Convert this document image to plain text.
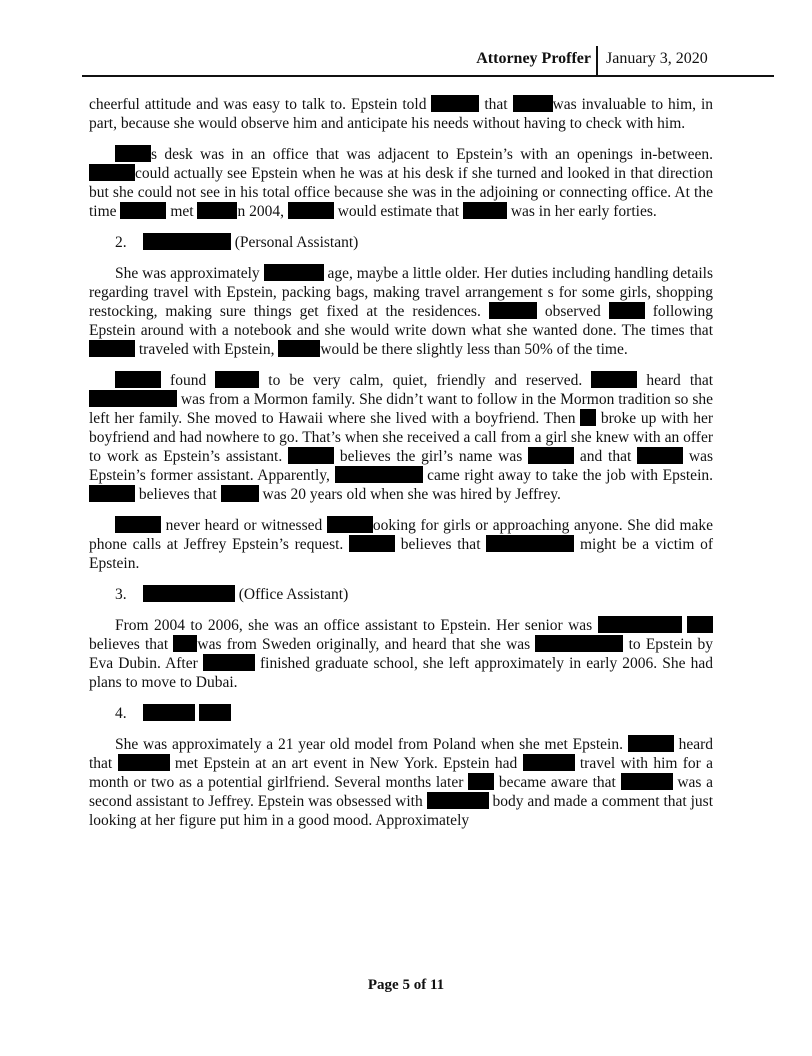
Attorney Proffer January 3, 2020

cheerful attitude and was easy to talk to. Epstein told	that	was invaluable to him, in part, because she would observe him and anticipate his needs without having to check with him.

s desk was in an office that was adjacent to Epstein’s with an openings in-between. could actually see Epstein when he was at his desk if she turned and looked in that direction but she could not see in his total office because she was in the adjoining or connecting office. At the time	met	n 2004,	would estimate that	was in her early forties.

2.	(Personal Assistant)

She was approximately	age, maybe a little older. Her duties including handling details regarding travel with Epstein, packing bags, making travel arrangement s for some girls, shopping restocking, making sure things get fixed at the residences.	observed	following Epstein around with a notebook and she would write down what she wanted done. The times that  traveled with Epstein,	would be there slightly less than 50% of the time.

found	to be very calm, quiet, friendly and reserved.	heard that  was from a Mormon family. She didn’t want to follow in the Mormon tradition so she left her family. She moved to Hawaii where she lived with a boyfriend. Then broke up with her boyfriend and had nowhere to go. That’s when she received a call from a girl she knew with an offer to work as Epstein’s assistant.	believes the girl’s name was	and that	was Epstein’s former assistant. Apparently,	came right away to take the job with Epstein.  believes that	was 20 years old when she was hired by Jeffrey.

never heard or witnessed	ooking for girls or approaching anyone. She did make phone calls at Jeffrey Epstein’s request.	believes that	might be a victim of Epstein.

3.	(Office Assistant)

From 2004 to 2006, she was an office assistant to Epstein. Her senior was   believes that was from Sweden originally, and heard that she was	to Epstein by Eva Dubin. After	finished graduate school, she left approximately in early 2006. She had plans to move to Dubai.

4.

She was approximately a 21 year old model from Poland when she met Epstein.	heard that	met Epstein at an art event in New York. Epstein had	travel with him for a month or two as a potential girlfriend. Several months later became aware that	was a second assistant to Jeffrey. Epstein was obsessed with	body and made a comment that just looking at her figure put him in a good mood. Approximately

Page 5 of 11
